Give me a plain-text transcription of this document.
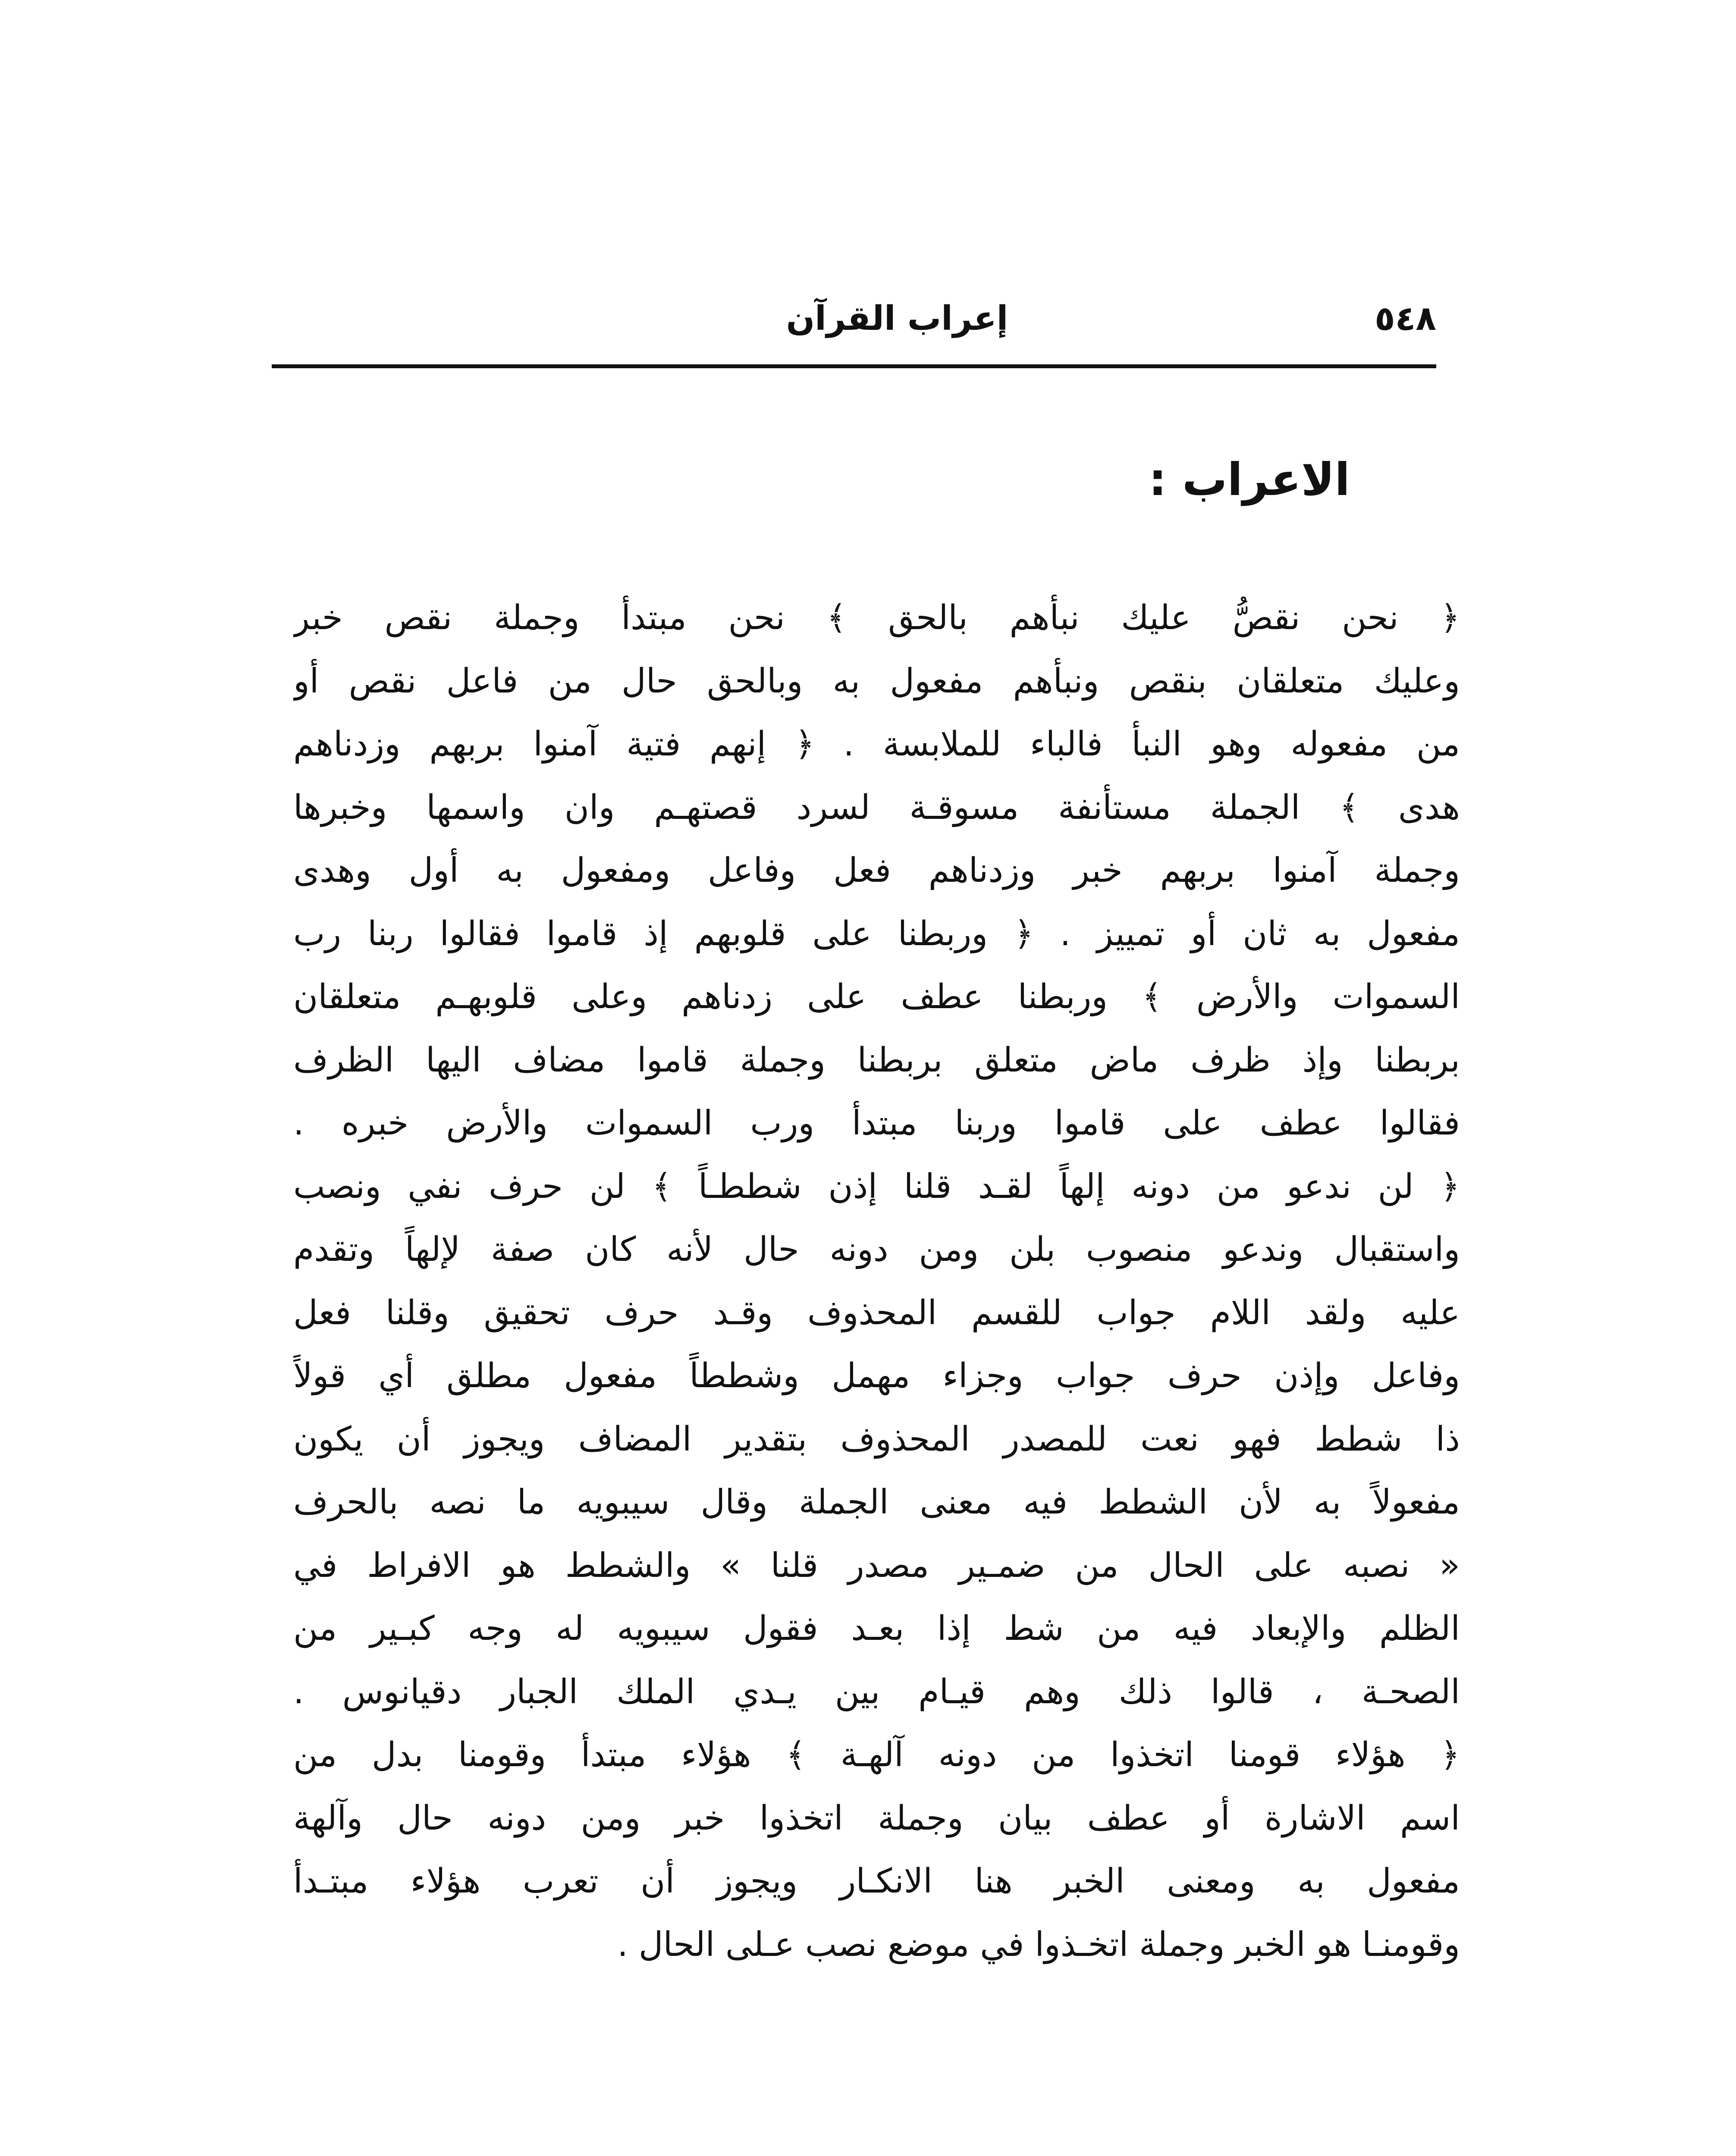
٥٤٨
إعراب القرآن
الاعراب :
﴿ نحن نقصُّ عليك نبأهم بالحق ﴾ نحن مبتدأ وجملة نقص خبر
وعليك متعلقان بنقص ونبأهم مفعول به وبالحق حال من فاعل نقص أو
من مفعوله وهو النبأ فالباء للملابسة . ﴿ إنهم فتية آمنوا بربهم وزدناهم
هدى ﴾ الجملة مستأنفة مسوقـة لسرد قصتهـم وان واسمها وخبرها
وجملة آمنوا بربهم خبر وزدناهم فعل وفاعل ومفعول به أول وهدى
مفعول به ثان أو تمييز . ﴿ وربطنا على قلوبهم إذ قاموا فقالوا ربنا رب
السموات والأرض ﴾ وربطنا عطف على زدناهم وعلى قلوبهـم متعلقان
بربطنا وإذ ظرف ماض متعلق بربطنا وجملة قاموا مضاف اليها الظرف
فقالوا عطف على قاموا وربنا مبتدأ ورب السموات والأرض خبره .
﴿ لن ندعو من دونه إلهاً لقـد قلنا إذن شططـاً ﴾ لن حرف نفي ونصب
واستقبال وندعو منصوب بلن ومن دونه حال لأنه كان صفة لإلهاً وتقدم
عليه ولقد اللام جواب للقسم المحذوف وقـد حرف تحقيق وقلنا فعل
وفاعل وإذن حرف جواب وجزاء مهمل وشططاً مفعول مطلق أي قولاً
ذا شطط فهو نعت للمصدر المحذوف بتقدير المضاف ويجوز أن يكون
مفعولاً به لأن الشطط فيه معنى الجملة وقال سيبويه ما نصه بالحرف
« نصبه على الحال من ضمـير مصدر قلنا » والشطط هو الافراط في
الظلم والإبعاد فيه من شط إذا بعـد فقول سيبويه له وجه كبـير من
الصحـة ، قالوا ذلك وهم قيـام بين يـدي الملك الجبار دقيانوس .
﴿ هؤلاء قومنا اتخذوا من دونه آلهـة ﴾ هؤلاء مبتدأ وقومنا بدل من
اسم الاشارة أو عطف بيان وجملة اتخذوا خبر ومن دونه حال وآلهة
مفعول به ومعنى الخبر هنا الانكـار ويجوز أن تعرب هؤلاء مبتـدأ
وقومنـا هو الخبر وجملة اتخـذوا في موضع نصب عـلى الحال .
